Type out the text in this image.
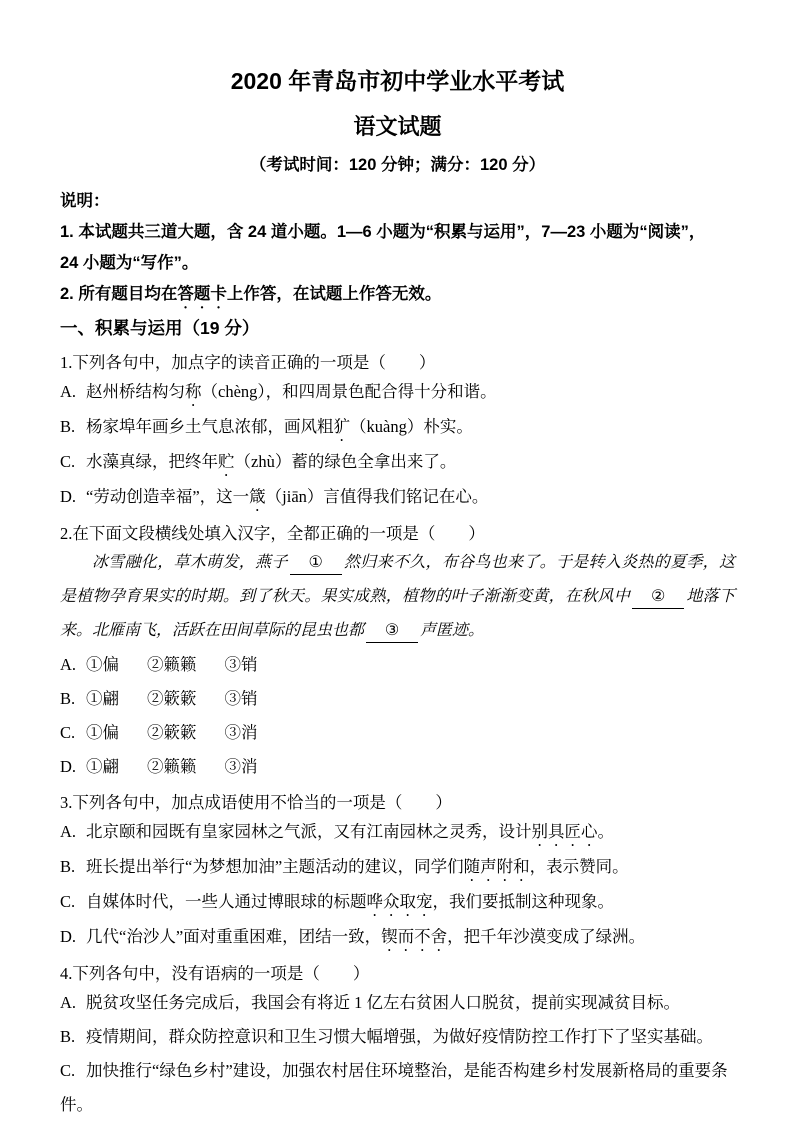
2020 年青岛市初中学业水平考试
语文试题
（考试时间：120 分钟；满分：120 分）
说明：
1. 本试题共三道大题，含 24 道小题。1—6 小题为“积累与运用”，7—23 小题为“阅读”，
24 小题为“写作”。
2. 所有题目均在答题卡上作答，在试题上作答无效。
一、积累与运用（19 分）
1.下列各句中，加点字的读音正确的一项是（　　）
A. 赵州桥结构匀称（chèng），和四周景色配合得十分和谐。
B. 杨家埠年画乡土气息浓郁，画风粗犷（kuàng）朴实。
C. 水藻真绿，把终年贮（zhù）蓄的绿色全拿出来了。
D. “劳动创造幸福”，这一箴（jiān）言值得我们铭记在心。
2.在下面文段横线处填入汉字，全都正确的一项是（　　）
冰雪融化，草木萌发，燕子 ① 然归来不久，布谷鸟也来了。于是转入炎热的夏季，这是植物孕育果实的时期。到了秋天。果实成熟，植物的叶子渐渐变黄，在秋风中 ② 地落下来。北雁南飞，活跃在田间草际的昆虫也都 ③ 声匿迹。
A. ①偏 ②籁籁 ③销
B. ①翩 ②簌簌 ③销
C. ①偏 ②簌簌 ③消
D. ①翩 ②籁籁 ③消
3.下列各句中，加点成语使用不恰当的一项是（　　）
A. 北京颐和园既有皇家园林之气派，又有江南园林之灵秀，设计别具匠心。
B. 班长提出举行“为梦想加油”主题活动的建议，同学们随声附和，表示赞同。
C. 自媒体时代，一些人通过博眼球的标题哗众取宠，我们要抵制这种现象。
D. 几代“治沙人”面对重重困难，团结一致，锲而不舍，把千年沙漠变成了绿洲。
4.下列各句中，没有语病的一项是（　　）
A. 脱贫攻坚任务完成后，我国会有将近 1 亿左右贫困人口脱贫，提前实现减贫目标。
B. 疫情期间，群众防控意识和卫生习惯大幅增强，为做好疫情防控工作打下了坚实基础。
C. 加快推行“绿色乡村”建设，加强农村居住环境整治，是能否构建乡村发展新格局的重要条件。
